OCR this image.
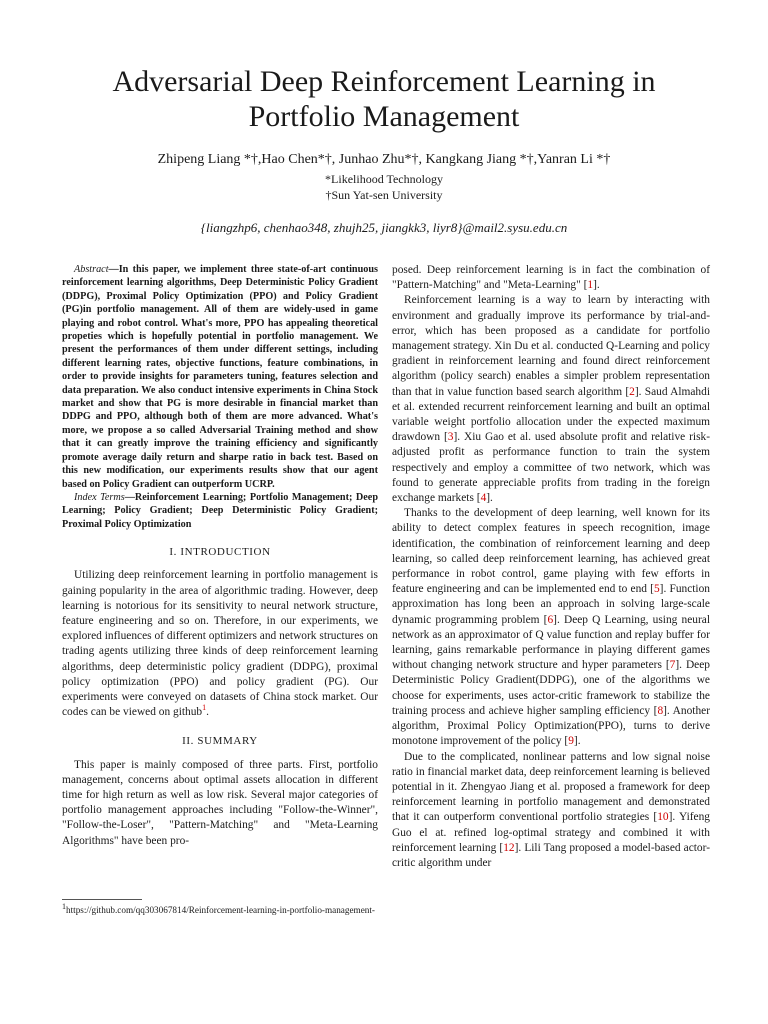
Adversarial Deep Reinforcement Learning in Portfolio Management
Zhipeng Liang *†,Hao Chen*†, Junhao Zhu*†, Kangkang Jiang *†,Yanran Li *†
*Likelihood Technology
†Sun Yat-sen University
{liangzhp6, chenhao348, zhujh25, jiangkk3, liyr8}@mail2.sysu.edu.cn

Abstract—In this paper, we implement three state-of-art continuous reinforcement learning algorithms, Deep Deterministic Policy Gradient (DDPG), Proximal Policy Optimization (PPO) and Policy Gradient (PG)in portfolio management. All of them are widely-used in game playing and robot control. What's more, PPO has appealing theoretical propeties which is hopefully potential in portfolio management. We present the performances of them under different settings, including different learning rates, objective functions, feature combinations, in order to provide insights for parameters tuning, features selection and data preparation. We also conduct intensive experiments in China Stock market and show that PG is more desirable in financial market than DDPG and PPO, although both of them are more advanced. What's more, we propose a so called Adversarial Training method and show that it can greatly improve the training efficiency and significantly promote average daily return and sharpe ratio in back test. Based on this new modification, our experiments results show that our agent based on Policy Gradient can outperform UCRP.

Index Terms—Reinforcement Learning; Portfolio Management; Deep Learning; Policy Gradient; Deep Deterministic Policy Gradient; Proximal Policy Optimization

I. INTRODUCTION

Utilizing deep reinforcement learning in portfolio management is gaining popularity in the area of algorithmic trading. However, deep learning is notorious for its sensitivity to neural network structure, feature engineering and so on. Therefore, in our experiments, we explored influences of different optimizers and network structures on trading agents utilizing three kinds of deep reinforcement learning algorithms, deep deterministic policy gradient (DDPG), proximal policy optimization (PPO) and policy gradient (PG). Our experiments were conveyed on datasets of China stock market. Our codes can be viewed on github$^1$.

II. SUMMARY

This paper is mainly composed of three parts. First, portfolio management, concerns about optimal assets allocation in different time for high return as well as low risk. Several major categories of portfolio management approaches including "Follow-the-Winner", "Follow-the-Loser", "Pattern-Matching" and "Meta-Learning Algorithms" have been pro-

$^1$https://github.com/qq303067814/Reinforcement-learning-in-portfolio-management-

posed. Deep reinforcement learning is in fact the combination of "Pattern-Matching" and "Meta-Learning" [1].

Reinforcement learning is a way to learn by interacting with environment and gradually improve its performance by trial-and-error, which has been proposed as a candidate for portfolio management strategy. Xin Du et al. conducted Q-Learning and policy gradient in reinforcement learning and found direct reinforcement algorithm (policy search) enables a simpler problem representation than that in value function based search algorithm [2]. Saud Almahdi et al. extended recurrent reinforcement learning and built an optimal variable weight portfolio allocation under the expected maximum drawdown [3]. Xiu Gao et al. used absolute profit and relative risk-adjusted profit as performance function to train the system respectively and employ a committee of two network, which was found to generate appreciable profits from trading in the foreign exchange markets [4].

Thanks to the development of deep learning, well known for its ability to detect complex features in speech recognition, image identification, the combination of reinforcement learning and deep learning, so called deep reinforcement learning, has achieved great performance in robot control, game playing with few efforts in feature engineering and can be implemented end to end [5]. Function approximation has long been an approach in solving large-scale dynamic programming problem [6]. Deep Q Learning, using neural network as an approximator of Q value function and replay buffer for learning, gains remarkable performance in playing different games without changing network structure and hyper parameters [7]. Deep Deterministic Policy Gradient(DDPG), one of the algorithms we choose for experiments, uses actor-critic framework to stabilize the training process and achieve higher sampling efficiency [8]. Another algorithm, Proximal Policy Optimization(PPO), turns to derive monotone improvement of the policy [9].

Due to the complicated, nonlinear patterns and low signal noise ratio in financial market data, deep reinforcement learning is believed potential in it. Zhengyao Jiang et al. proposed a framework for deep reinforcement learning in portfolio management and demonstrated that it can outperform conventional portfolio strategies [10]. Yifeng Guo el at. refined log-optimal strategy and combined it with reinforcement learning [12]. Lili Tang proposed a model-based actor-critic algorithm under
